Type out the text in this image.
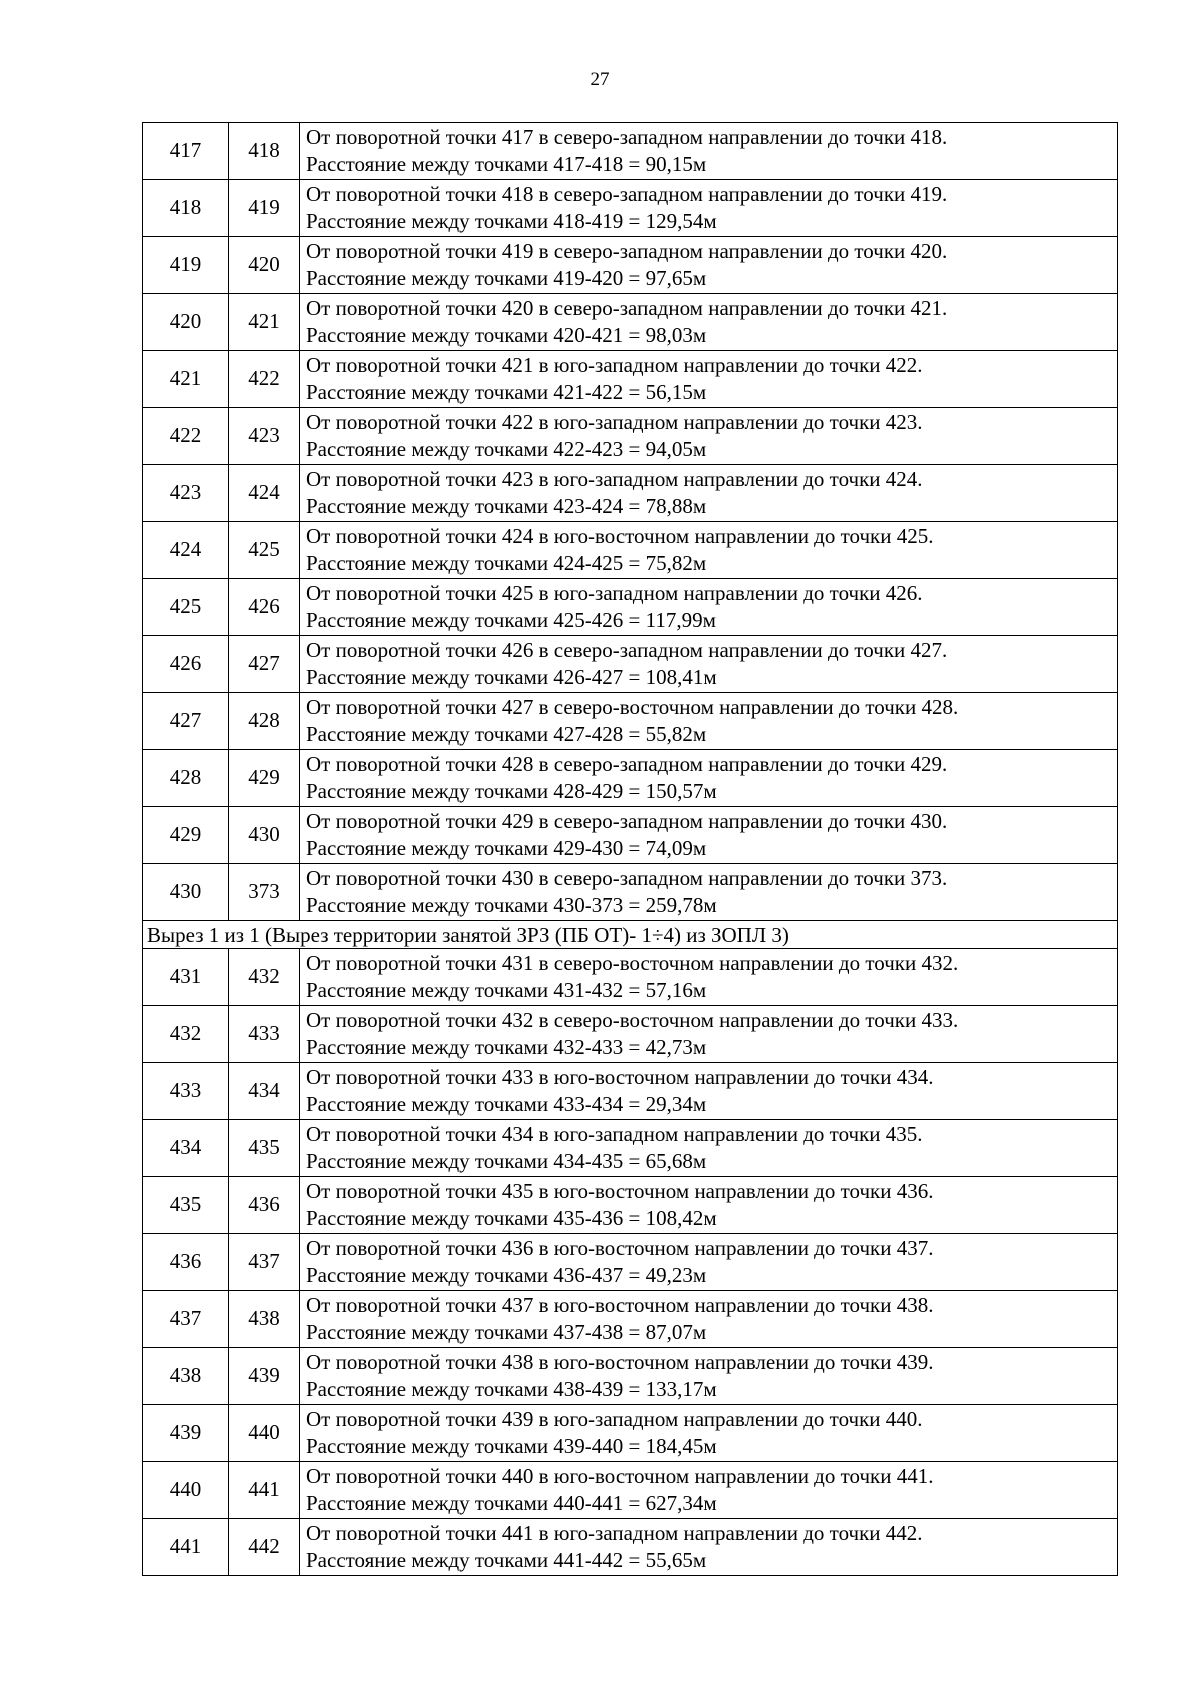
27
417	418	От поворотной точки 417 в северо-западном направлении до точки 418.
Расстояние между точками 417-418 = 90,15м

418	419	От поворотной точки 418 в северо-западном направлении до точки 419.
Расстояние между точками 418-419 = 129,54м

419	420	От поворотной точки 419 в северо-западном направлении до точки 420.
Расстояние между точками 419-420 = 97,65м

420	421	От поворотной точки 420 в северо-западном направлении до точки 421.
Расстояние между точками 420-421 = 98,03м

421	422	От поворотной точки 421 в юго-западном направлении до точки 422.
Расстояние между точками 421-422 = 56,15м

422	423	От поворотной точки 422 в юго-западном направлении до точки 423.
Расстояние между точками 422-423 = 94,05м

423	424	От поворотной точки 423 в юго-западном направлении до точки 424.
Расстояние между точками 423-424 = 78,88м

424	425	От поворотной точки 424 в юго-восточном направлении до точки 425.
Расстояние между точками 424-425 = 75,82м

425	426	От поворотной точки 425 в юго-западном направлении до точки 426.
Расстояние между точками 425-426 = 117,99м

426	427	От поворотной точки 426 в северо-западном направлении до точки 427.
Расстояние между точками 426-427 = 108,41м

427	428	От поворотной точки 427 в северо-восточном направлении до точки 428.
Расстояние между точками 427-428 = 55,82м

428	429	От поворотной точки 428 в северо-западном направлении до точки 429.
Расстояние между точками 428-429 = 150,57м

429	430	От поворотной точки 429 в северо-западном направлении до точки 430.
Расстояние между точками 429-430 = 74,09м

430	373	От поворотной точки 430 в северо-западном направлении до точки 373.
Расстояние между точками 430-373 = 259,78м

Вырез 1 из 1 (Вырез территории занятой ЗРЗ (ПБ ОТ)- 1÷4) из ЗОПЛ 3)		
431	432	От поворотной точки 431 в северо-восточном направлении до точки 432.
Расстояние между точками 431-432 = 57,16м

432	433	От поворотной точки 432 в северо-восточном направлении до точки 433.
Расстояние между точками 432-433 = 42,73м

433	434	От поворотной точки 433 в юго-восточном направлении до точки 434.
Расстояние между точками 433-434 = 29,34м

434	435	От поворотной точки 434 в юго-западном направлении до точки 435.
Расстояние между точками 434-435 = 65,68м

435	436	От поворотной точки 435 в юго-восточном направлении до точки 436.
Расстояние между точками 435-436 = 108,42м

436	437	От поворотной точки 436 в юго-восточном направлении до точки 437.
Расстояние между точками 436-437 = 49,23м

437	438	От поворотной точки 437 в юго-восточном направлении до точки 438.
Расстояние между точками 437-438 = 87,07м

438	439	От поворотной точки 438 в юго-восточном направлении до точки 439.
Расстояние между точками 438-439 = 133,17м

439	440	От поворотной точки 439 в юго-западном направлении до точки 440.
Расстояние между точками 439-440 = 184,45м

440	441	От поворотной точки 440 в юго-восточном направлении до точки 441.
Расстояние между точками 440-441 = 627,34м

441	442	От поворотной точки 441 в юго-западном направлении до точки 442.
Расстояние между точками 441-442 = 55,65м
